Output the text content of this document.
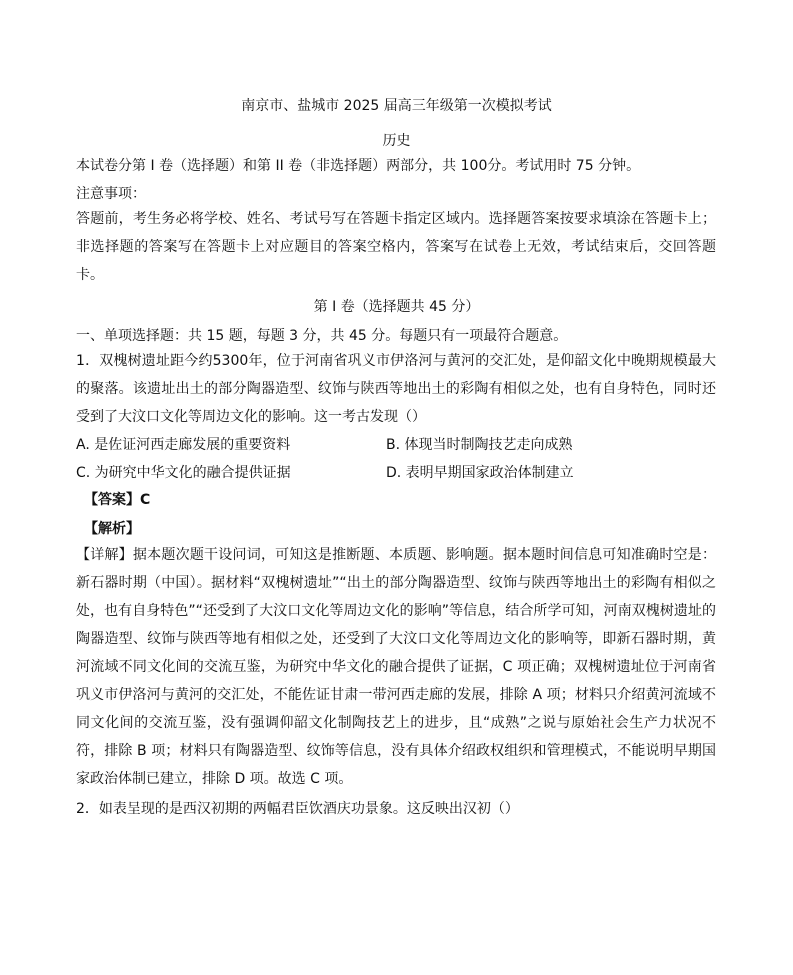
南京市、盐城市 2025 届高三年级第一次模拟考试
历史
本试卷分第 I 卷（选择题）和第 II 卷（非选择题）两部分，共 100分。考试用时 75 分钟。
注意事项：
答题前，考生务必将学校、姓名、考试号写在答题卡指定区域内。选择题答案按要求填涂在答题卡上；非选择题的答案写在答题卡上对应题目的答案空格内，答案写在试卷上无效，考试结束后，交回答题卡。
第 I 卷（选择题共 45 分）
一、单项选择题：共 15 题，每题 3 分，共 45 分。每题只有一项最符合题意。
1．双槐树遗址距今约5300年，位于河南省巩义市伊洛河与黄河的交汇处，是仰韶文化中晚期规模最大的聚落。该遗址出土的部分陶器造型、纹饰与陕西等地出土的彩陶有相似之处，也有自身特色，同时还受到了大汶口文化等周边文化的影响。这一考古发现（）
A. 是佐证河西走廊发展的重要资料	B. 体现当时制陶技艺走向成熟
C. 为研究中华文化的融合提供证据	D. 表明早期国家政治体制建立
【答案】C
【解析】
【详解】据本题次题干设问词，可知这是推断题、本质题、影响题。据本题时间信息可知准确时空是：新石器时期（中国）。据材料“双槐树遗址”“出土的部分陶器造型、纹饰与陕西等地出土的彩陶有相似之处，也有自身特色”“还受到了大汶口文化等周边文化的影响”等信息，结合所学可知，河南双槐树遗址的陶器造型、纹饰与陕西等地有相似之处，还受到了大汶口文化等周边文化的影响等，即新石器时期，黄河流域不同文化间的交流互鉴，为研究中华文化的融合提供了证据，C 项正确；双槐树遗址位于河南省巩义市伊洛河与黄河的交汇处，不能佐证甘肃一带河西走廊的发展，排除 A 项；材料只介绍黄河流域不同文化间的交流互鉴，没有强调仰韶文化制陶技艺上的进步，且“成熟”之说与原始社会生产力状况不符，排除 B 项；材料只有陶器造型、纹饰等信息，没有具体介绍政权组织和管理模式，不能说明早期国家政治体制已建立，排除 D 项。故选 C 项。
2．如表呈现的是西汉初期的两幅君臣饮酒庆功景象。这反映出汉初（）
